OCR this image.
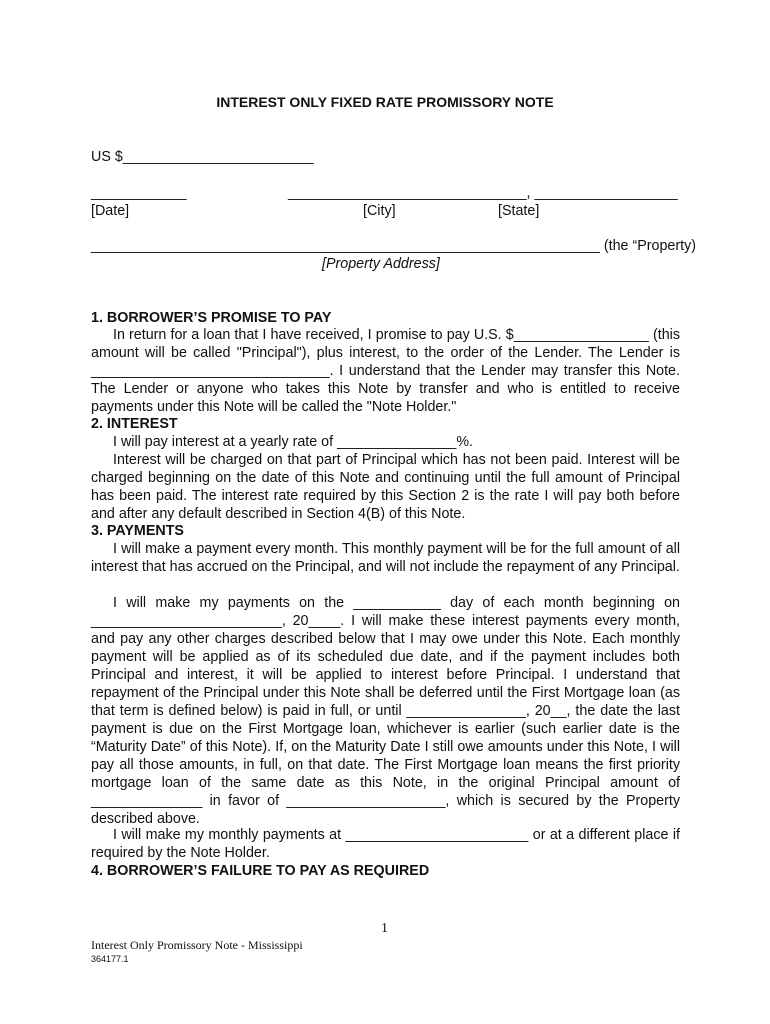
INTEREST ONLY FIXED RATE PROMISSORY NOTE
US $________________________
____________	______________________________, __________________
[Date]	[City]	[State]
________________________________________________________________ (the “Property)
[Property Address]
1. BORROWER’S PROMISE TO PAY
In return for a loan that I have received, I promise to pay U.S. $_________________ (this amount will be called "Principal"), plus interest, to the order of the Lender. The Lender is ______________________________. I understand that the Lender may transfer this Note. The Lender or anyone who takes this Note by transfer and who is entitled to receive payments under this Note will be called the "Note Holder."
2. INTEREST
I will pay interest at a yearly rate of _______________%.
Interest will be charged on that part of Principal which has not been paid. Interest will be charged beginning on the date of this Note and continuing until the full amount of Principal has been paid. The interest rate required by this Section 2 is the rate I will pay both before and after any default described in Section 4(B) of this Note.
3. PAYMENTS
I will make a payment every month. This monthly payment will be for the full amount of all interest that has accrued on the Principal, and will not include the repayment of any Principal.
I will make my payments on the ___________ day of each month beginning on ________________________, 20____. I will make these interest payments every month, and pay any other charges described below that I may owe under this Note. Each monthly payment will be applied as of its scheduled due date, and if the payment includes both Principal and interest, it will be applied to interest before Principal. I understand that repayment of the Principal under this Note shall be deferred until the First Mortgage loan (as that term is defined below) is paid in full, or until _______________, 20__, the date the last payment is due on the First Mortgage loan, whichever is earlier (such earlier date is the “Maturity Date” of this Note). If, on the Maturity Date I still owe amounts under this Note, I will pay all those amounts, in full, on that date. The First Mortgage loan means the first priority mortgage loan of the same date as this Note, in the original Principal amount of ______________ in favor of ____________________, which is secured by the Property described above.
I will make my monthly payments at _______________________ or at a different place if required by the Note Holder.
4. BORROWER’S FAILURE TO PAY AS REQUIRED
1
Interest Only Promissory Note - Mississippi
364177.1
